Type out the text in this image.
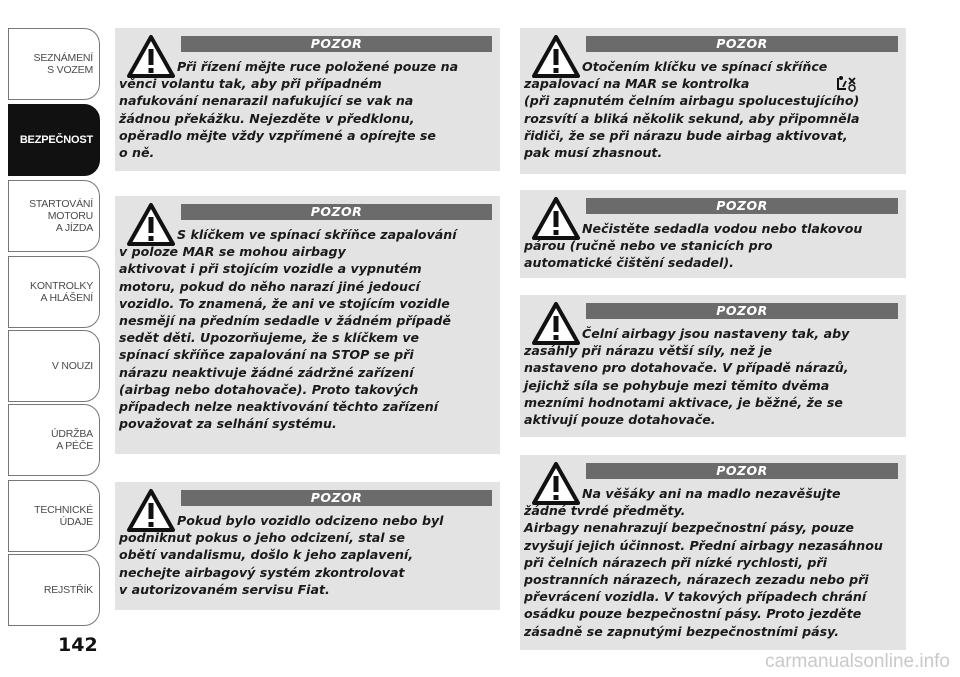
SEZNÁMENÍ
S VOZEM
BEZPEČNOST
STARTOVÁNÍ
MOTORU
A JÍZDA
KONTROLKY
A HLÁŠENÍ
V NOUZI
ÚDRŽBA
A PÉČE
TECHNICKÉ
ÚDAJE
REJSTŘÍK
142
POZOR
Při řízení mějte ruce položené pouze na
věnci volantu tak, aby při případném
nafukování nenarazil nafukující se vak na
žádnou překážku. Nejezděte v předklonu,
opěradlo mějte vždy vzpřímené a opírejte se
o ně.
POZOR
S klíčkem ve spínací skříňce zapalování
v poloze MAR se mohou airbagy
aktivovat i při stojícím vozidle a vypnutém
motoru, pokud do něho narazí jiné jedoucí
vozidlo. To znamená, že ani ve stojícím vozidle
nesmějí na předním sedadle v žádném případě
sedět děti. Upozorňujeme, že s klíčkem ve
spínací skříňce zapalování na STOP se při
nárazu neaktivuje žádné zádržné zařízení
(airbag nebo dotahovače). Proto takových
případech nelze neaktivování těchto zařízení
považovat za selhání systému.
POZOR
Pokud bylo vozidlo odcizeno nebo byl
podniknut pokus o jeho odcizení, stal se
obětí vandalismu, došlo k jeho zaplavení,
nechejte airbagový systém zkontrolovat
v autorizovaném servisu Fiat.
POZOR
Otočením klíčku ve spínací skříňce
zapalovací na MAR se kontrolka
(při zapnutém čelním airbagu spolucestujícího)
rozsvítí a bliká několik sekund, aby připomněla
řidiči, že se při nárazu bude airbag aktivovat,
pak musí zhasnout.
POZOR
Nečistěte sedadla vodou nebo tlakovou
párou (ručně nebo ve stanicích pro
automatické čištění sedadel).
POZOR
Čelní airbagy jsou nastaveny tak, aby
zasáhly při nárazu větší síly, než je
nastaveno pro dotahovače. V případě nárazů,
jejichž síla se pohybuje mezi těmito dvěma
mezními hodnotami aktivace, je běžné, že se
aktivují pouze dotahovače.
POZOR
Na věšáky ani na madlo nezavěšujte
žádné tvrdé předměty.
Airbagy nenahrazují bezpečnostní pásy, pouze
zvyšují jejich účinnost. Přední airbagy nezasáhnou
při čelních nárazech při nízké rychlosti, při
postranních nárazech, nárazech zezadu nebo při
převrácení vozidla. V takových případech chrání
osádku pouze bezpečnostní pásy. Proto jezděte
zásadně se zapnutými bezpečnostními pásy.
carmanualsonline.info
